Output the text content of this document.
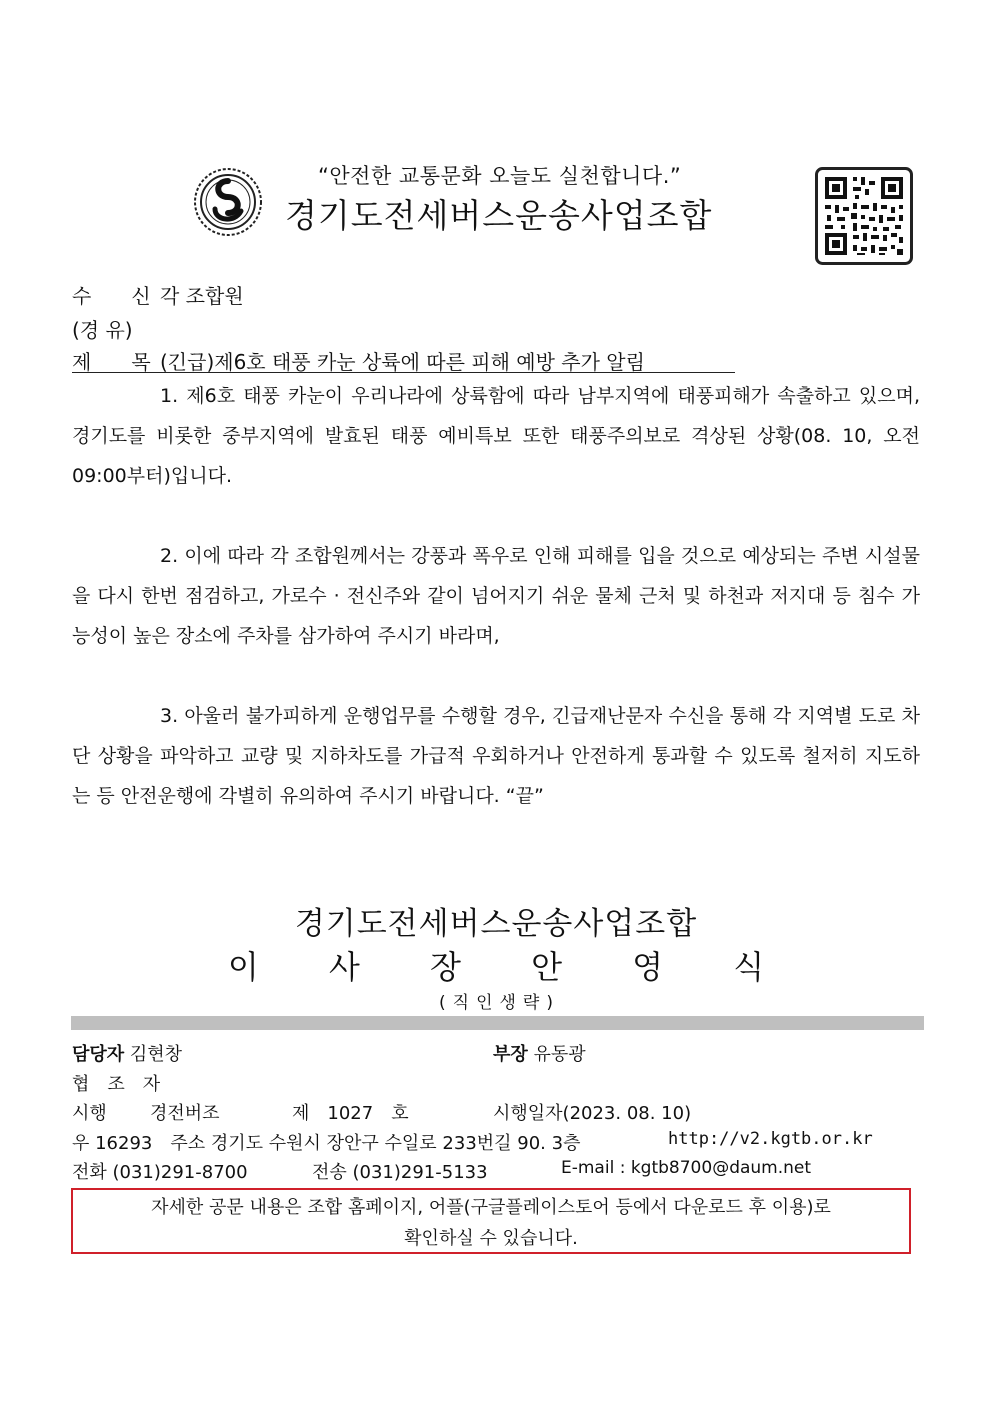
“안전한 교통문화 오늘도 실천합니다.”
경기도전세버스운송사업조합
수　　신 각 조합원
(경 유)
제　　목 (긴급)제6호 태풍 카눈 상륙에 따른 피해 예방 추가 알림
1. 제6호 태풍 카눈이 우리나라에 상륙함에 따라 남부지역에 태풍피해가 속출하고 있으며, 경기도를 비롯한 중부지역에 발효된 태풍 예비특보 또한 태풍주의보로 격상된 상황(08. 10, 오전 09:00부터)입니다.
2. 이에 따라 각 조합원께서는 강풍과 폭우로 인해 피해를 입을 것으로 예상되는 주변 시설물을 다시 한번 점검하고, 가로수 · 전신주와 같이 넘어지기 쉬운 물체 근처 및 하천과 저지대 등 침수 가능성이 높은 장소에 주차를 삼가하여 주시기 바라며,
3. 아울러 불가피하게 운행업무를 수행할 경우, 긴급재난문자 수신을 통해 각 지역별 도로 차단 상황을 파악하고 교량 및 지하차도를 가급적 우회하거나 안전하게 통과할 수 있도록 철저히 지도하는 등 안전운행에 각별히 유의하여 주시기 바랍니다. “끝”
경기도전세버스운송사업조합
이 사 장 안 영 식
(직인생략)
담당자 김현창	부장 유동광
협　조　자
시행 경전버조	제　1027　호	시행일자(2023. 08. 10)
우 16293　주소 경기도 수원시 장안구 수일로 233번길 90. 3층	http://v2.kgtb.or.kr
전화 (031)291-8700	전송 (031)291-5133	E-mail : kgtb8700@daum.net
자세한 공문 내용은 조합 홈페이지, 어플(구글플레이스토어 등에서 다운로드 후 이용)로
확인하실 수 있습니다.
